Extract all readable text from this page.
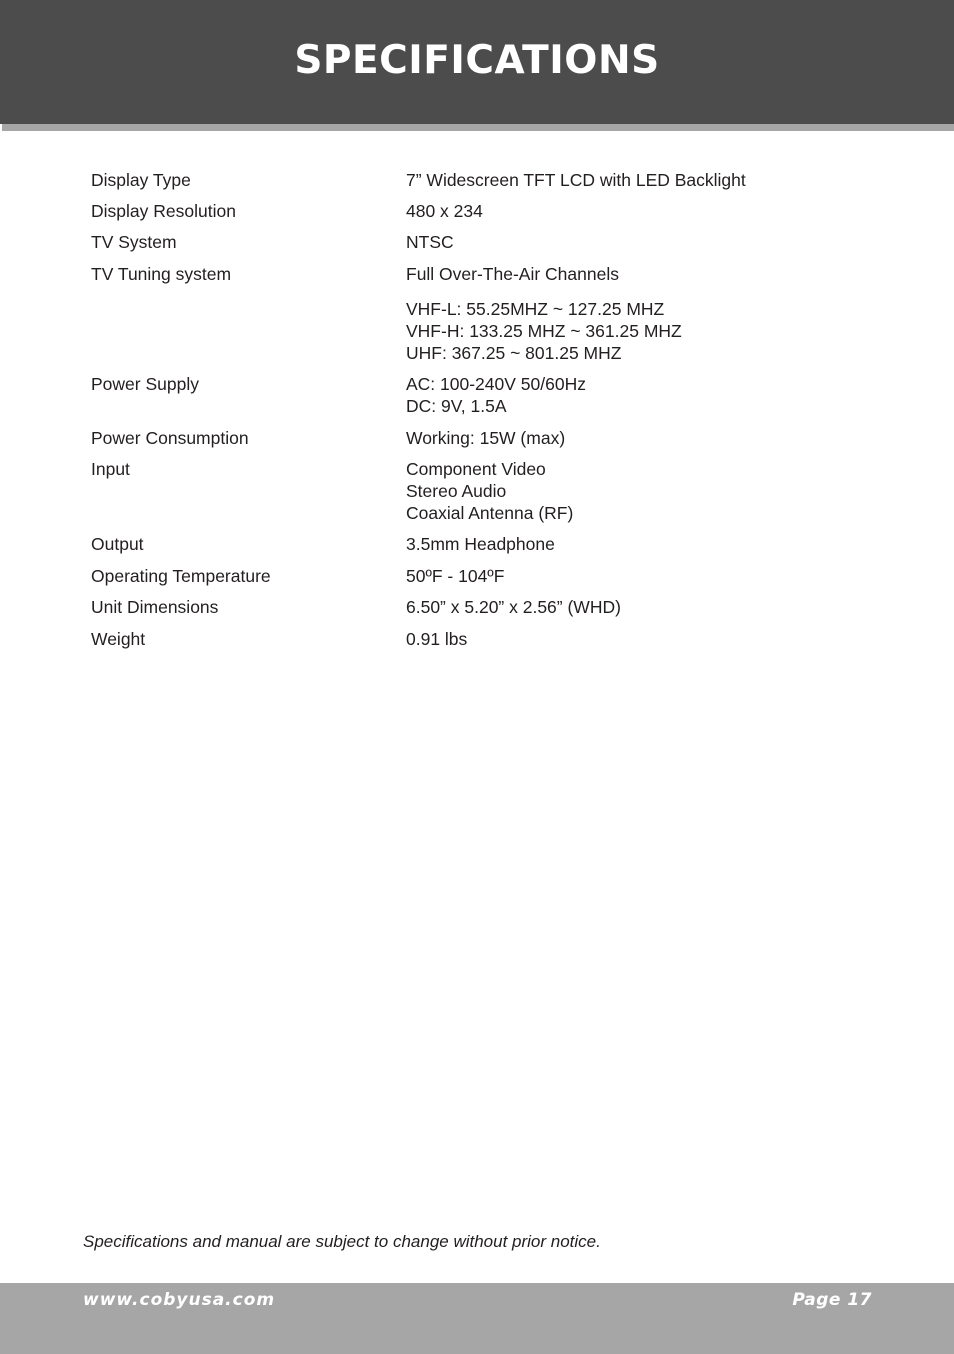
SPECIFICATIONS
Display Type	7” Widescreen TFT LCD with LED Backlight
Display Resolution	480 x 234
TV System	NTSC
TV Tuning system	Full Over-The-Air Channels
VHF-L: 55.25MHZ ~ 127.25 MHZ
VHF-H: 133.25 MHZ ~ 361.25 MHZ
UHF: 367.25 ~ 801.25 MHZ
Power Supply	AC: 100-240V 50/60Hz
DC: 9V, 1.5A
Power Consumption	Working: 15W (max)
Input	Component Video
Stereo Audio
Coaxial Antenna (RF)
Output	3.5mm Headphone
Operating Temperature	50ºF - 104ºF
Unit Dimensions	6.50” x 5.20” x 2.56” (WHD)
Weight	0.91 lbs
Specifications and manual are subject to change without prior notice.
www.cobyusa.com	Page 17
